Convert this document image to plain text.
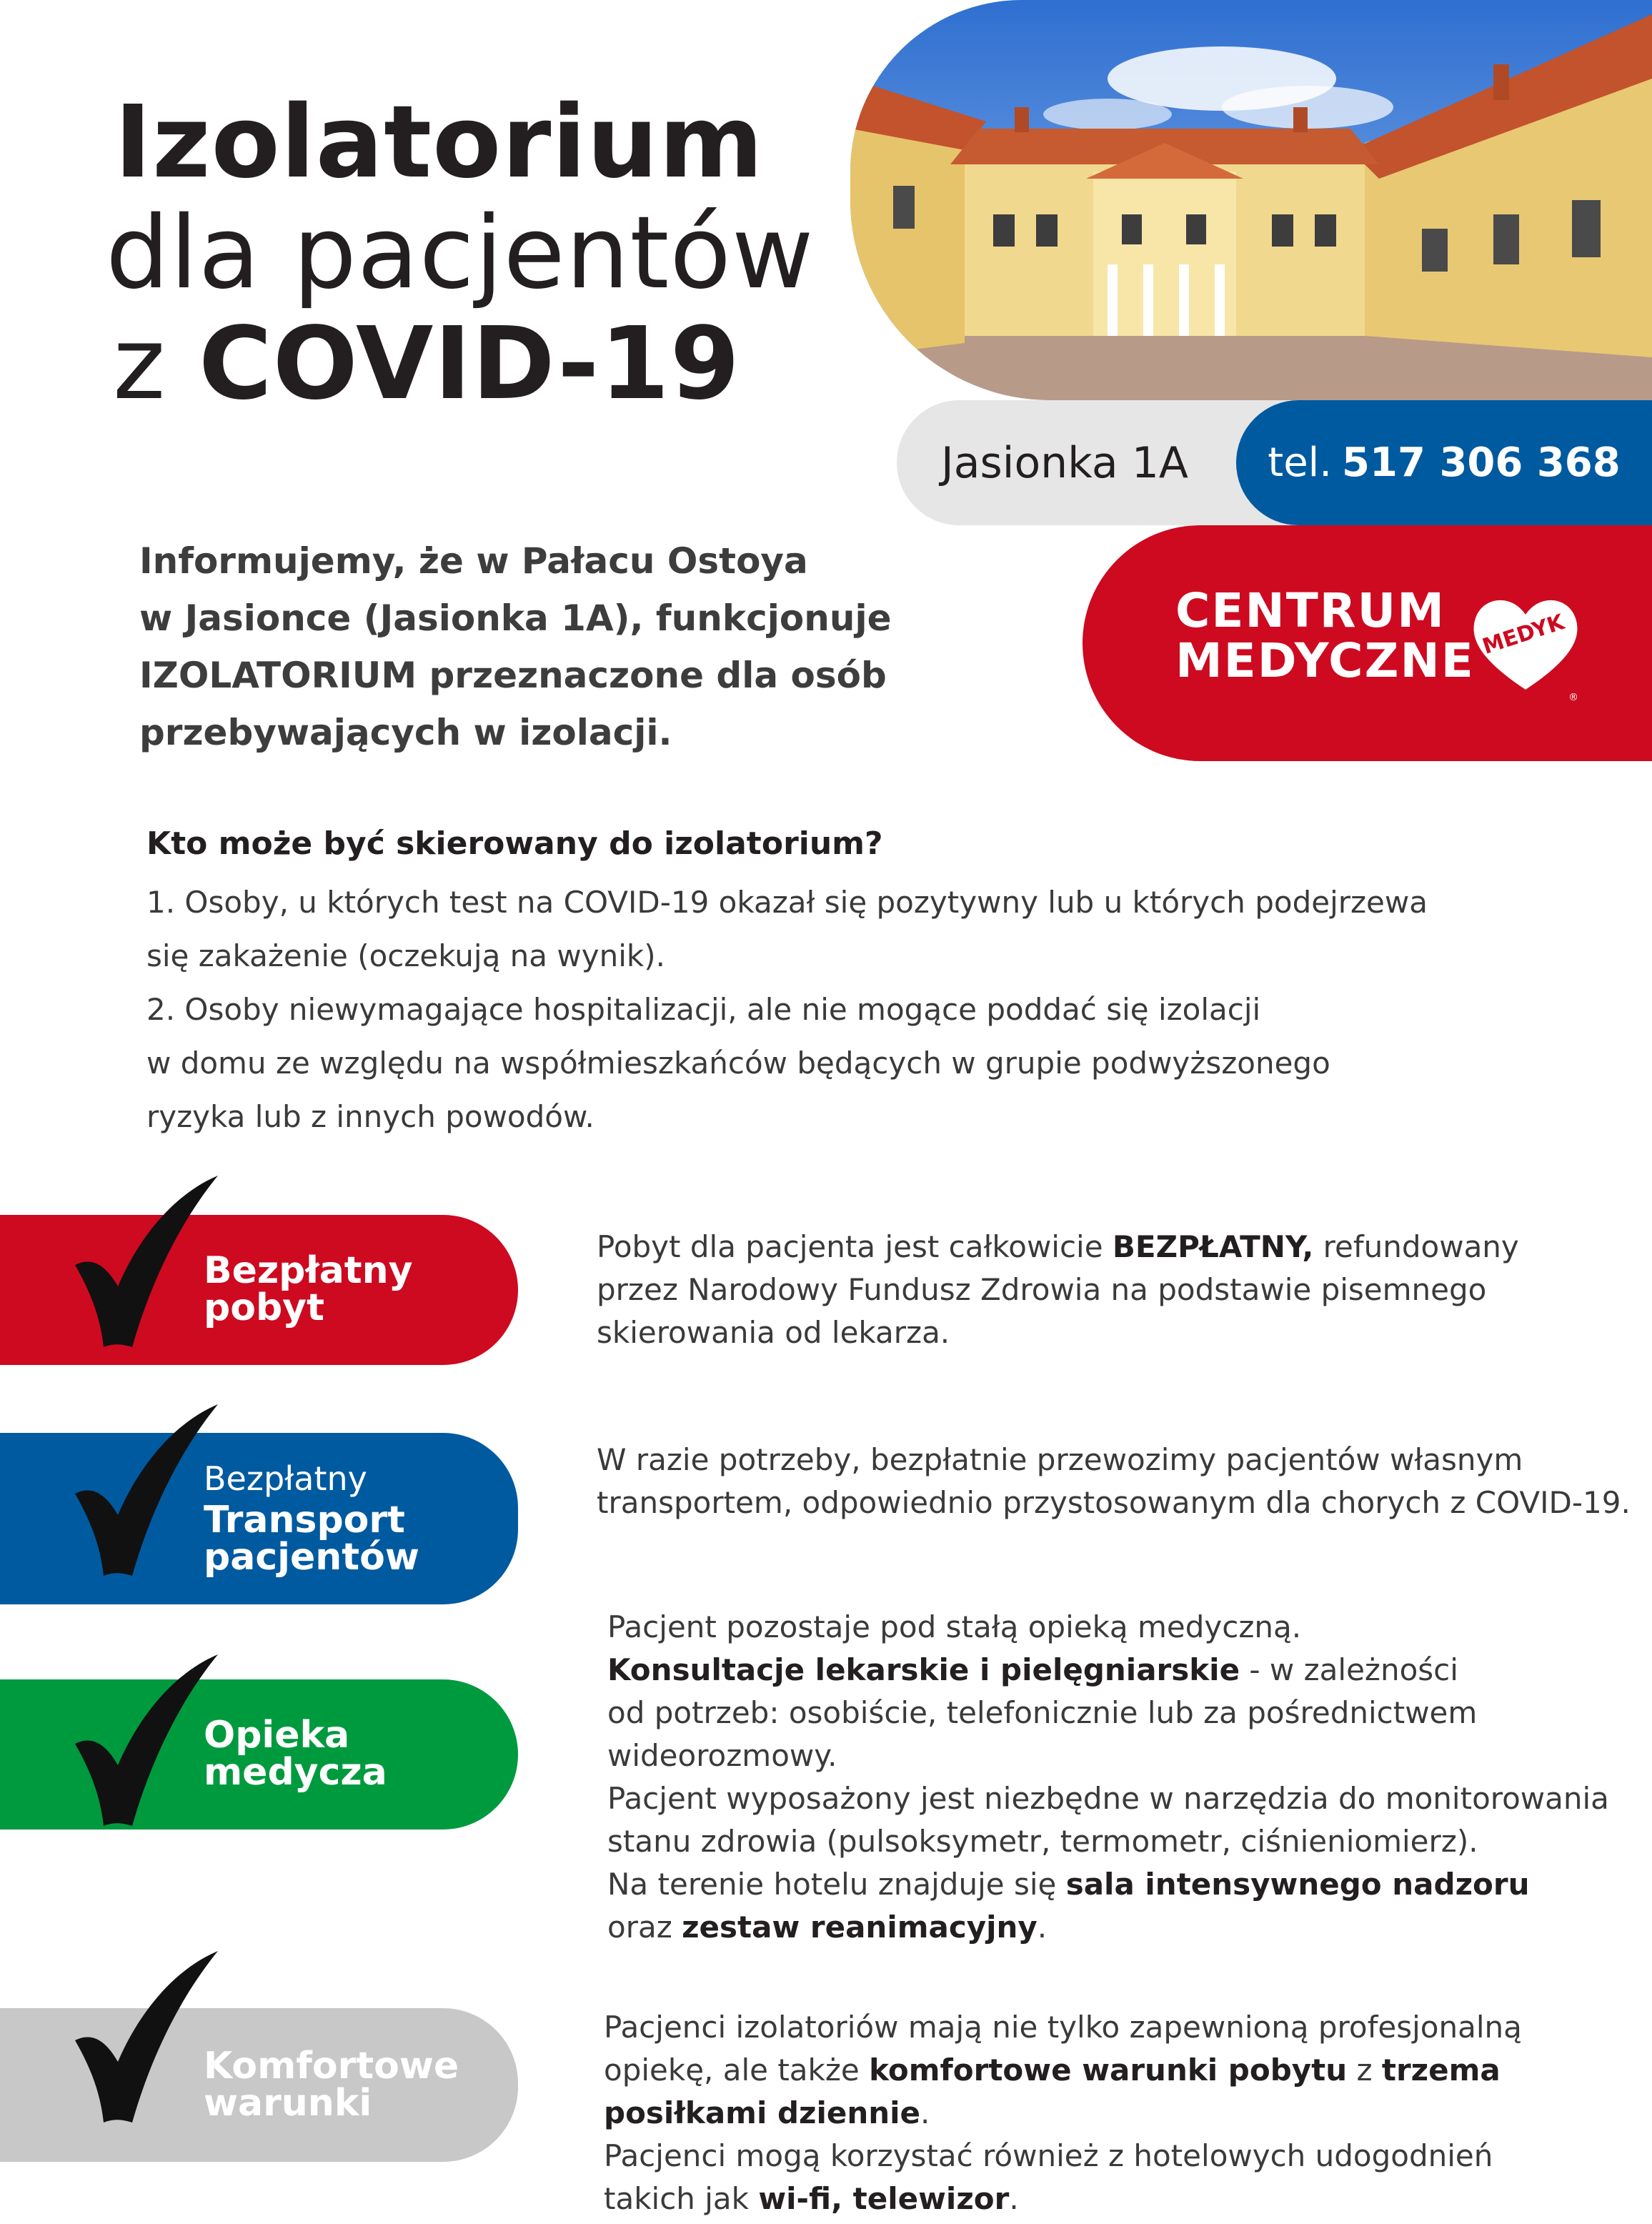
Izolatorium
dla pacjentów
z COVID-19
Jasionka 1A tel. 517 306 368
CENTRUM
MEDYCZNE MEDYK
®
Informujemy, że w Pałacu Ostoya
w Jasionce (Jasionka 1A), funkcjonuje
IZOLATORIUM przeznaczone dla osób
przebywających w izolacji.
Kto może być skierowany do izolatorium?
1. Osoby, u których test na COVID-19 okazał się pozytywny lub u których podejrzewa
się zakażenie (oczekują na wynik).
2. Osoby niewymagające hospitalizacji, ale nie mogące poddać się izolacji
w domu ze względu na współmieszkańców będących w grupie podwyższonego
ryzyka lub z innych powodów.
Bezpłatny
pobyt
Pobyt dla pacjenta jest całkowicie BEZPŁATNY, refundowany
przez Narodowy Fundusz Zdrowia na podstawie pisemnego
skierowania od lekarza.
Bezpłatny
Transport
pacjentów
W razie potrzeby, bezpłatnie przewozimy pacjentów własnym
transportem, odpowiednio przystosowanym dla chorych z COVID-19.
Opieka
medycza
Pacjent pozostaje pod stałą opieką medyczną.
Konsultacje lekarskie i pielęgniarskie - w zależności
od potrzeb: osobiście, telefonicznie lub za pośrednictwem
wideorozmowy.
Pacjent wyposażony jest niezbędne w narzędzia do monitorowania
stanu zdrowia (pulsoksymetr, termometr, ciśnieniomierz).
Na terenie hotelu znajduje się sala intensywnego nadzoru
oraz zestaw reanimacyjny.
Komfortowe
warunki
Pacjenci izolatoriów mają nie tylko zapewnioną profesjonalną
opiekę, ale także komfortowe warunki pobytu z trzema
posiłkami dziennie.
Pacjenci mogą korzystać również z hotelowych udogodnień
takich jak wi-fi, telewizor.
